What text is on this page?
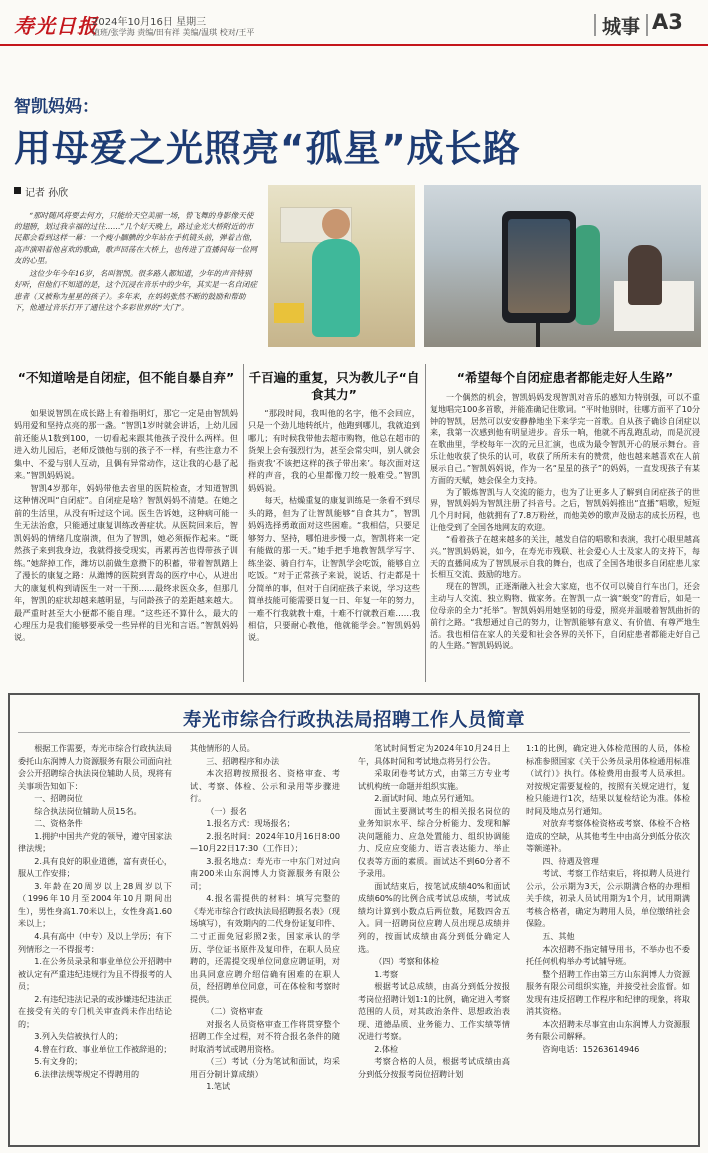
寿光日报
2024年10月16日 星期三
值班/张学海 责编/田有祥 美编/温琪 校对/王平	城事 A3
智凯妈妈：
用母爱之光照亮“孤星”成长路
记者 孙欣

“那时随风将要去何方，只能给天空美丽一场，曾飞舞的身影像天使的翅膀，划过我幸福的过往……”几个好天晚上，路过金光大桥附近的市民都会看到这样一幕：一个瘦小腼腆的少年站在手机镜头前，弹着吉他，高声演唱着他喜欢的歌曲，歌声回荡在大桥上，也传进了直播间每一位网友的心里。

这位少年今年16岁，名叫智凯。很多路人都知道，少年的声音特别好听，但他们不知道的是，这个沉浸在音乐中的少年，其实是一名自闭症患者（又被称为星星的孩子）。多年来，在妈妈张然不断的鼓励和帮助下，他通过音乐打开了通往这个多彩世界的“大门”。

“不知道啥是自闭症，但不能自暴自弃”

如果说智凯在成长路上有着指明灯，那它一定是由智凯妈妈用爱和坚持点亮的那一盏。“智凯1岁时就会讲话，上幼儿园前还能从1数到100，一切看起来跟其他孩子没什么两样。但进入幼儿园后，老师反馈他与别的孩子不一样，有些注意力不集中、不爱与别人互动，且偶有异常动作，这让我的心悬了起来。”智凯妈妈说。

智凯4岁那年，妈妈带他去省里的医院检查，才知道智凯这种情况叫“自闭症”。自闭症是啥？智凯妈妈不清楚。在她之前的生活里，从没有听过这个词。医生告诉她，这种病可能一生无法治愈，只能通过康复训练改善症状。从医院回来后，智凯妈妈的情绪几度崩溃，但为了智凯，她必须振作起来。“既然孩子来到我身边，我就得接受现实，再累再苦也得带孩子训练。”她辞掉工作，潍坊以前做生意攒下的积蓄，带着智凯踏上了漫长的康复之路：从潍博的医院到青岛的医疗中心，从进出大的康复机构到请医生一对一干预……最终求医众多，但那几年，智凯的症状却越来越明显，与同龄孩子的差距越来越大。最严重时甚至大小便都不能自理。“这些还不算什么，最大的心理压力是我们能够要承受一些异样的目光和言语。”智凯妈妈说。

千百遍的重复，只为教儿子“自食其力”

“那段时间，我叫他的名字，他不会回应，只是一个劲儿地转纸片，他跑到哪儿，我就追到哪儿；有时候我带他去超市购物，他总在超市的货架上会有强烈行为，甚至会常尖叫，别人就会指责我‘不该把这样的孩子带出来’。每次面对这样的声音，我的心里都像刀绞一般难受。”智凯妈妈说。

每天，枯燥重复的康复训练是一条看不到尽头的路，但为了让智凯能够“自食其力”，智凯妈妈选择勇敢面对这些困难。“我相信，只要足够努力、坚持，哪怕进步慢一点，智凯将来一定有能做的那一天。”她手把手地教智凯学写字、练坐姿、骑自行车，让智凯学会吃饭，能够自立吃饭。“对于正常孩子来说，说话、行走都是十分简单的事，但对于自闭症孩子来说，学习这些简单技能可能需要日复一日、年复一年的努力，一难不行我就教十难，十难不行就教百难……我相信，只要耐心教他，他就能学会。”智凯妈妈说。

“希望每个自闭症患者都能走好人生路”

一个偶然的机会，智凯妈妈发现智凯对音乐的感知力特别强，可以不重复地唱完100多首歌，并能准确记住歌词。“平时他别时，往哪方面平了10分钟的智凯，居然可以安安静静地坐下来学完一首歌。自从孩子确诊自闭症以来，我第一次感到他有明显进步。音乐一响，他就不再乱跑乱动，而是沉浸在歌曲里，学校每年一次的元旦汇演，也成为最令智凯开心的展示舞台。音乐让他收获了快乐的认可，收获了所所未有的赞赏，他也越来越喜欢在人前展示自己。”智凯妈妈说，作为一名“星星的孩子”的妈妈，一直发现孩子有某方面的天赋，她会保全力支持。

为了锻炼智凯与人交流的能力，也为了让更多人了解到自闭症孩子的世界，智凯妈妈为智凯注册了抖音号。之后，智凯妈妈推出“直播”唱歌，短短几个月时间，他就拥有了7.8万粉丝，而他美妙的歌声及励志的成长历程，也让他受到了全国各地网友的欢迎。

“看着孩子在越来越多的关注，越发自信的唱歌和表演，我打心眼里越高兴。”智凯妈妈说，如今，在寿光市残联、社会爱心人士及家人的支持下，每天的直播间成为了智凯展示自我的舞台，也成了全国各地很多自闭症患儿家长相互交流、鼓励的地方。

现在的智凯，正逐渐融入社会大家庭，也不仅可以骑自行车出门，还会主动与人交流、独立购物、做家务。在智凯一点一滴“蜕变”的背后，如是一位母亲的全力“托举”。智凯妈妈用她坚韧的母爱，照亮并温暖着智凯曲折的前行之路。“我想通过自己的努力，让智凯能够有意义、有价值、有尊严地生活。我也相信在家人的关爱和社会各界的关怀下，自闭症患者都能走好自己的人生路。”智凯妈妈说。

寿光市综合行政执法局招聘工作人员简章

根据工作需要，寿光市综合行政执法局委托山东润博人力资源服务有限公司面向社会公开招聘综合执法岗位辅助人员，现将有关事项告知如下：

一、招聘岗位

综合执法岗位辅助人员15名。

二、资格条件

1.拥护中国共产党的领导，遵守国家法律法规；

2.具有良好的职业道德，富有责任心，服从工作安排；

3.年龄在20周岁以上28周岁以下（1996年10月至2004年10月期间出生），男性身高1.70米以上，女性身高1.60米以上；

4.具有高中（中专）及以上学历；有下列情形之一不得报考：

1.在公务员录录和事业单位公开招聘中被认定有严重违纪违规行为且不得报考的人员；

2.有违纪违法记录的或涉嫌违纪违法正在接受有关的专门机关审查尚未作出结论的；

3.列入失信被执行人的；

4.曾在行政、事业单位工作被辞退的；

5.有文身的；

6.法律法规等规定不得聘用的

其他情形的人员。

三、招聘程序和办法

本次招聘按照报名、资格审查、考试、考察、体检、公示和录用等步骤进行。

（一）报名

1.报名方式：现场报名；

2.报名时间：2024年10月16日8:00—10月22日17:30（工作日）；

3.报名地点：寿光市一中东门对过向南200米山东润博人力资源服务有限公司；

4.报名需提供的材料：填写完整的《寿光市综合行政执法局招聘报名表》（现场填写），有效期内的二代身份证复印件、二寸正面免冠彩照2张，国家承认的学历、学位证书原件及复印件，在职人员应聘的，还需提交现单位同意应聘证明，对出具同意应聘介绍信确有困难的在职人员，经招聘单位同意，可在体检和考察时提供。

（二）资格审查

对报名人员资格审查工作将贯穿整个招聘工作全过程，对不符合报名条件的随时取消考试或聘用资格。

（三）考试（分为笔试和面试，均采用百分制计算成绩）

1.笔试

笔试时间暂定为2024年10月24日上午，具体时间和考试地点将另行公告。

采取闭卷考试方式，由第三方专业考试机构统一命题并组织实施。

2.面试时间、地点另行通知。

面试主要测试考生的相关报名岗位的业务知识水平、综合分析能力、发现和解决问题能力、应急处置能力、组织协调能力、反应应变能力、语言表达能力、举止仪表等方面的素质。面试达不到60分者不予录用。

面试结束后，按笔试成绩40%和面试成绩60%的比例合成考试总成绩，考试成绩均计算到小数点后两位数，尾数四舍五入。同一招聘岗位应聘人员出现总成绩并列的，按面试成绩由高分到低分确定人选。

（四）考察和体检

1.考察

根据考试总成绩，由高分到低分按报考岗位招聘计划1:1的比例，确定进入考察范围的人员，对其政治条件、思想政治表现、道德品质、业务能力、工作实绩等情况进行考察。

2.体检

考察合格的人员，根据考试成绩由高分到低分按报考岗位招聘计划

1:1的比例，确定进入体检范围的人员，体检标准参照国家《关于公务员录用体检通用标准（试行）》执行。体检费用由报考人员承担。对按规定需要复检的，按照有关规定进行，复检只能进行1次，结果以复检结论为准。体检时间及地点另行通知。

对放弃考察体检资格或考察、体检不合格造成的空缺，从其他考生中由高分到低分依次等额递补。

四、待遇及管理

考试、考察工作结束后，将拟聘人员进行公示，公示期为3天，公示期满合格的办理相关手续，初录人员试用期为1个月，试用期满考核合格者，确定为聘用人员，单位缴纳社会保险。

五、其他

本次招聘不指定辅导用书，不举办也不委托任何机构举办考试辅导班。

整个招聘工作由第三方山东润博人力资源服务有限公司组织实施，并接受社会监督。如发现有违反招聘工作程序和纪律的现象，将取消其资格。

本次招聘未尽事宜由山东润博人力资源服务有限公司解释。

咨询电话：15263614946
